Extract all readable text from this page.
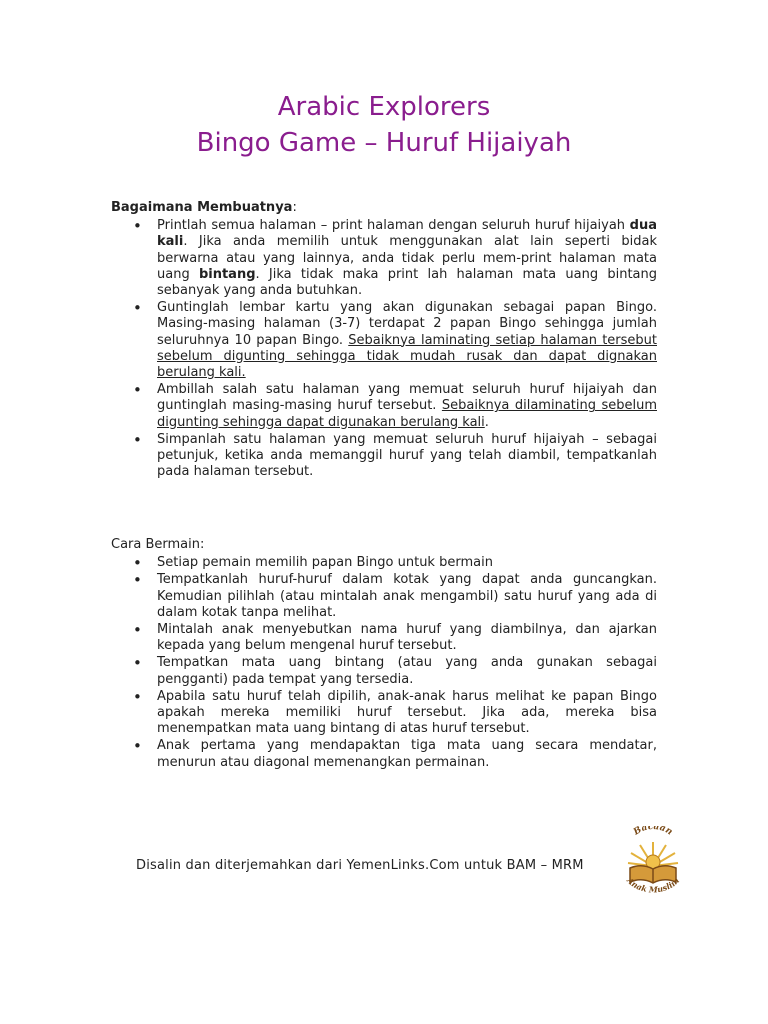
Arabic Explorers
Bingo Game – Huruf Hijaiyah
Bagaimana Membuatnya:
• Printlah semua halaman – print halaman dengan seluruh huruf hijaiyah dua kali. Jika anda memilih untuk menggunakan alat lain seperti bidak berwarna atau yang lainnya, anda tidak perlu mem-print halaman mata uang bintang. Jika tidak maka print lah halaman mata uang bintang sebanyak yang anda butuhkan.
• Guntinglah lembar kartu yang akan digunakan sebagai papan Bingo. Masing-masing halaman (3-7) terdapat 2 papan Bingo sehingga jumlah seluruhnya 10 papan Bingo. Sebaiknya laminating setiap halaman tersebut sebelum digunting sehingga tidak mudah rusak dan dapat dignakan berulang kali.
• Ambillah salah satu halaman yang memuat seluruh huruf hijaiyah dan guntinglah masing-masing huruf tersebut. Sebaiknya dilaminating sebelum digunting sehingga dapat digunakan berulang kali.
• Simpanlah satu halaman yang memuat seluruh huruf hijaiyah – sebagai petunjuk, ketika anda memanggil huruf yang telah diambil, tempatkanlah pada halaman tersebut.
Cara Bermain:
• Setiap pemain memilih papan Bingo untuk bermain
• Tempatkanlah huruf-huruf dalam kotak yang dapat anda guncangkan. Kemudian pilihlah (atau mintalah anak mengambil) satu huruf yang ada di dalam kotak tanpa melihat.
• Mintalah anak menyebutkan nama huruf yang diambilnya, dan ajarkan kepada yang belum mengenal huruf tersebut.
• Tempatkan mata uang bintang (atau yang anda gunakan sebagai pengganti) pada tempat yang tersedia.
• Apabila satu huruf telah dipilih, anak-anak harus melihat ke papan Bingo apakah mereka memiliki huruf tersebut. Jika ada, mereka bisa menempatkan mata uang bintang di atas huruf tersebut.
• Anak pertama yang mendapaktan tiga mata uang secara mendatar, menurun atau diagonal memenangkan permainan.
Disalin dan diterjemahkan dari YemenLinks.Com untuk BAM – MRM
Bacaan
Anak Muslim
